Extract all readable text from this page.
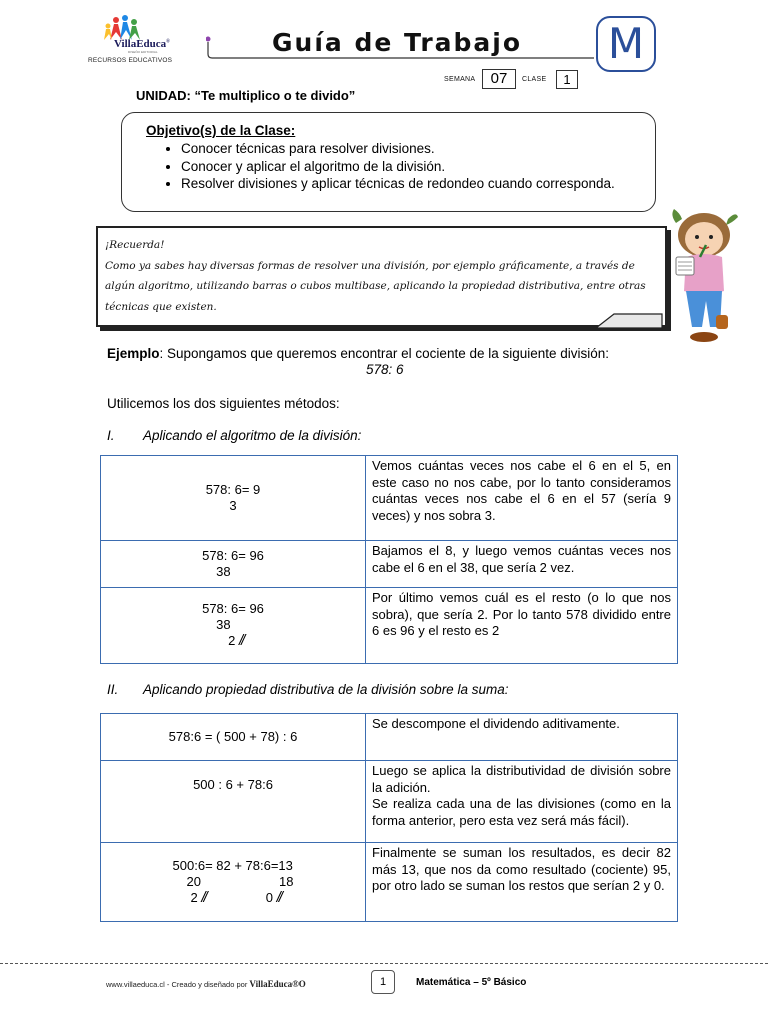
VillaEduca®
DISEÑO EDITORIAL
RECURSOS EDUCATIVOS
Guía de Trabajo M
SEMANA	07	CLASE	1
UNIDAD: “Te multiplico o te divido”
Objetivo(s) de la Clase:
• Conocer técnicas para resolver divisiones.
• Conocer y aplicar el algoritmo de la división.
• Resolver divisiones y aplicar técnicas de redondeo cuando corresponda.
¡Recuerda!
Como ya sabes hay diversas formas de resolver una división, por ejemplo gráficamente, a través de algún algoritmo, utilizando barras o cubos multibase, aplicando la propiedad distributiva, entre otras técnicas que existen.
Ejemplo: Supongamos que queremos encontrar el cociente de la siguiente división:
578: 6
Utilicemos los dos siguientes métodos:
I. Aplicando el algoritmo de la división:
578: 6= 9
3	Vemos cuántas veces nos cabe el 6 en el 5, en este caso no nos cabe, por lo tanto consideramos cuántas veces nos cabe el 6 en el 57 (sería 9 veces) y nos sobra 3.
578: 6= 96
38	Bajamos el 8, y luego vemos cuántas veces nos cabe el 6 en el 38, que sería 2 vez.
578: 6= 96
38
2 //	Por último vemos cuál es el resto (o lo que nos sobra), que sería 2. Por lo tanto 578 dividido entre 6 es 96 y el resto es 2
II. Aplicando propiedad distributiva de la división sobre la suma:
578:6 = ( 500 + 78) : 6	Se descompone el dividendo aditivamente.
500 : 6 + 78:6	Luego se aplica la distributividad de división sobre la adición.
Se realiza cada una de las divisiones (como en la forma anterior, pero esta vez será más fácil).
500:6= 82 + 78:6=13
20 18
2 // 0 //	Finalmente se suman los resultados, es decir 82 más 13, que nos da como resultado (cociente) 95, por otro lado se suman los restos que serían 2 y 0.
www.villaeduca.cl - Creado y diseñado por VillaEduca®O	1	Matemática – 5º Básico
